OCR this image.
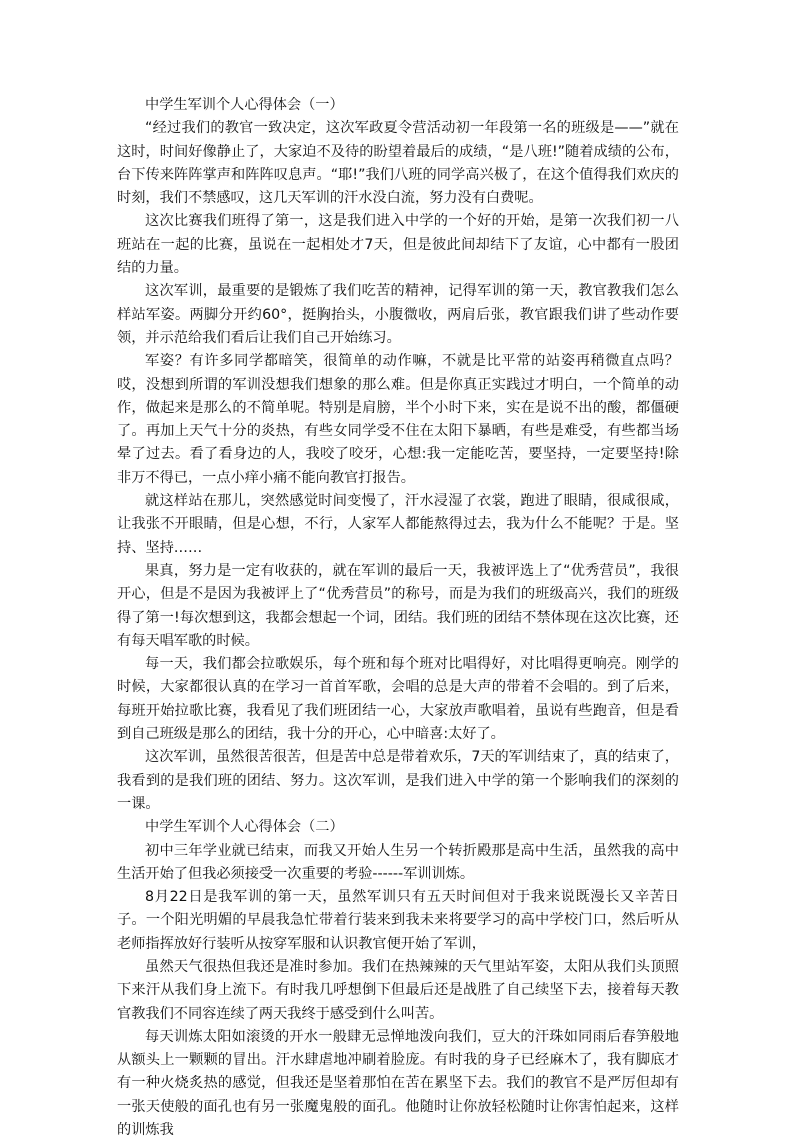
中学生军训个人心得体会（一）

“经过我们的教官一致决定，这次军政夏令营活动初一年段第一名的班级是——”就在这时，时间好像静止了，大家迫不及待的盼望着最后的成绩，“是八班!”随着成绩的公布，台下传来阵阵掌声和阵阵叹息声。“耶!”我们八班的同学高兴极了，在这个值得我们欢庆的时刻，我们不禁感叹，这几天军训的汗水没白流，努力没有白费呢。

这次比赛我们班得了第一，这是我们进入中学的一个好的开始，是第一次我们初一八班站在一起的比赛，虽说在一起相处才7天，但是彼此间却结下了友谊，心中都有一股团结的力量。

这次军训，最重要的是锻炼了我们吃苦的精神，记得军训的第一天，教官教我们怎么样站军姿。两脚分开约60°，挺胸抬头，小腹微收，两肩后张，教官跟我们讲了些动作要领，并示范给我们看后让我们自己开始练习。

军姿？有许多同学都暗笑，很简单的动作嘛，不就是比平常的站姿再稍微直点吗？哎，没想到所谓的军训没想我们想象的那么难。但是你真正实践过才明白，一个简单的动作，做起来是那么的不简单呢。特别是肩膀，半个小时下来，实在是说不出的酸，都僵硬了。再加上天气十分的炎热，有些女同学受不住在太阳下暴晒，有些是难受，有些都当场晕了过去。看了看身边的人，我咬了咬牙，心想:我一定能吃苦，要坚持，一定要坚持!除非万不得已，一点小痒小痛不能向教官打报告。

就这样站在那儿，突然感觉时间变慢了，汗水浸湿了衣裳，跑进了眼睛，很咸很咸，让我张不开眼睛，但是心想，不行，人家军人都能熬得过去，我为什么不能呢？于是。坚持、坚持……

果真，努力是一定有收获的，就在军训的最后一天，我被评选上了“优秀营员”，我很开心，但是不是因为我被评上了“优秀营员”的称号，而是为我们的班级高兴，我们的班级得了第一!每次想到这，我都会想起一个词，团结。我们班的团结不禁体现在这次比赛，还有每天唱军歌的时候。

每一天，我们都会拉歌娱乐，每个班和每个班对比唱得好，对比唱得更响亮。刚学的时候，大家都很认真的在学习一首首军歌，会唱的总是大声的带着不会唱的。到了后来，每班开始拉歌比赛，我看见了我们班团结一心，大家放声歌唱着，虽说有些跑音，但是看到自己班级是那么的团结，我十分的开心，心中暗喜:太好了。

这次军训，虽然很苦很苦，但是苦中总是带着欢乐，7天的军训结束了，真的结束了，我看到的是我们班的团结、努力。这次军训，是我们进入中学的第一个影响我们的深刻的一课。

中学生军训个人心得体会（二）

初中三年学业就已结束，而我又开始人生另一个转折殿那是高中生活，虽然我的高中生活开始了但我必须接受一次重要的考验------军训训炼。

8月22日是我军训的第一天，虽然军训只有五天时间但对于我来说既漫长又辛苦日子。一个阳光明媚的早晨我急忙带着行装来到我未来将要学习的高中学校门口，然后听从老师指挥放好行装听从按穿军服和认识教官便开始了军训，

虽然天气很热但我还是准时参加。我们在热辣辣的天气里站军姿，太阳从我们头顶照下来汗从我们身上流下。有时我几呼想倒下但最后还是战胜了自己续坚下去，接着每天教官教我们不同容连续了两天我终于感受到什么叫苦。

每天训炼太阳如滚烫的开水一般肆无忌惮地泼向我们，豆大的汗珠如同雨后春笋般地从额头上一颗颗的冒出。汗水肆虐地冲刷着脸庞。有时我的身子已经麻木了，我有脚底才有一种火烧炙热的感觉，但我还是坚着那怕在苦在累坚下去。我们的教官不是严厉但却有一张天使般的面孔也有另一张魔鬼般的面孔。他随时让你放轻松随时让你害怕起来，这样的训炼我
